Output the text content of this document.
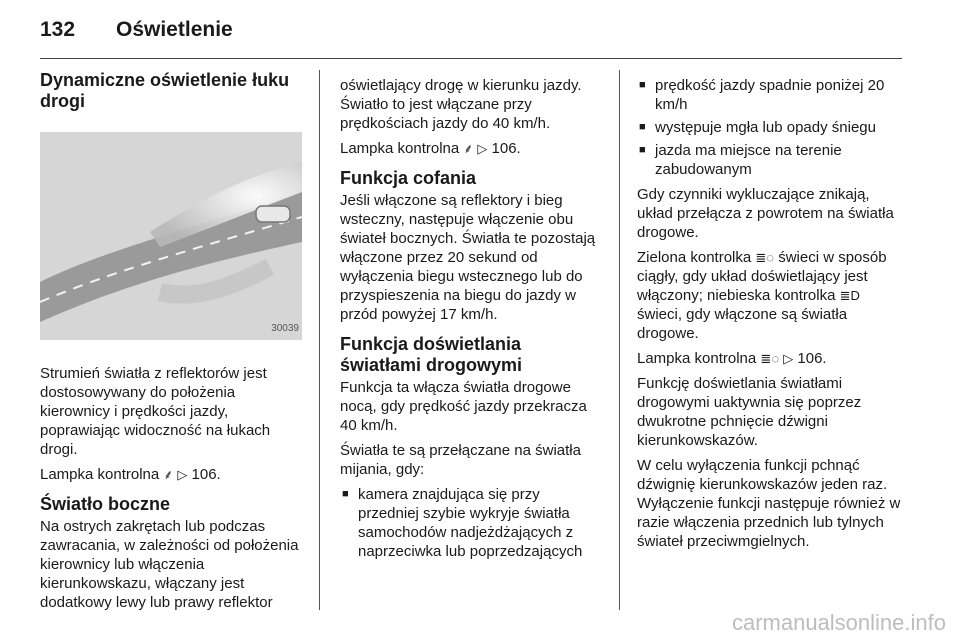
132	Oświetlenie
Dynamiczne oświetlenie łuku drogi
30039

Strumień światła z reflektorów jest dostosowywany do położenia kierownicy i prędkości jazdy, poprawiając widoczność na łukach drogi.

Lampka kontrolna ⸙ ▷ 106.

Światło boczne

Na ostrych zakrętach lub podczas zawracania, w zależności od położenia kierownicy lub włączenia kierunkowskazu, włączany jest dodatkowy lewy lub prawy reflektor

oświetlający drogę w kierunku jazdy. Światło to jest włączane przy prędkościach jazdy do 40 km/h.

Lampka kontrolna ⸙ ▷ 106.

Funkcja cofania

Jeśli włączone są reflektory i bieg wsteczny, następuje włączenie obu świateł bocznych. Światła te pozostają włączone przez 20 sekund od wyłączenia biegu wstecznego lub do przyspieszenia na biegu do jazdy w przód powyżej 17 km/h.

Funkcja doświetlania światłami drogowymi

Funkcja ta włącza światła drogowe nocą, gdy prędkość jazdy przekracza 40 km/h.

Światła te są przełączane na światła mijania, gdy:

■ kamera znajdująca się przy przedniej szybie wykryje światła samochodów nadjeżdżających z naprzeciwka lub poprzedzających
■ prędkość jazdy spadnie poniżej 20 km/h
■ występuje mgła lub opady śniegu
■ jazda ma miejsce na terenie zabudowanym

Gdy czynniki wykluczające znikają, układ przełącza z powrotem na światła drogowe.

Zielona kontrolka ≣◌ świeci w sposób ciągły, gdy układ doświetlający jest włączony; niebieska kontrolka ≣D świeci, gdy włączone są światła drogowe.

Lampka kontrolna ≣◌ ▷ 106.

Funkcję doświetlania światłami drogowymi uaktywnia się poprzez dwukrotne pchnięcie dźwigni kierunkowskazów.

W celu wyłączenia funkcji pchnąć dźwignię kierunkowskazów jeden raz. Wyłączenie funkcji następuje również w razie włączenia przednich lub tylnych świateł przeciwmgielnych.

carmanualsonline.info
